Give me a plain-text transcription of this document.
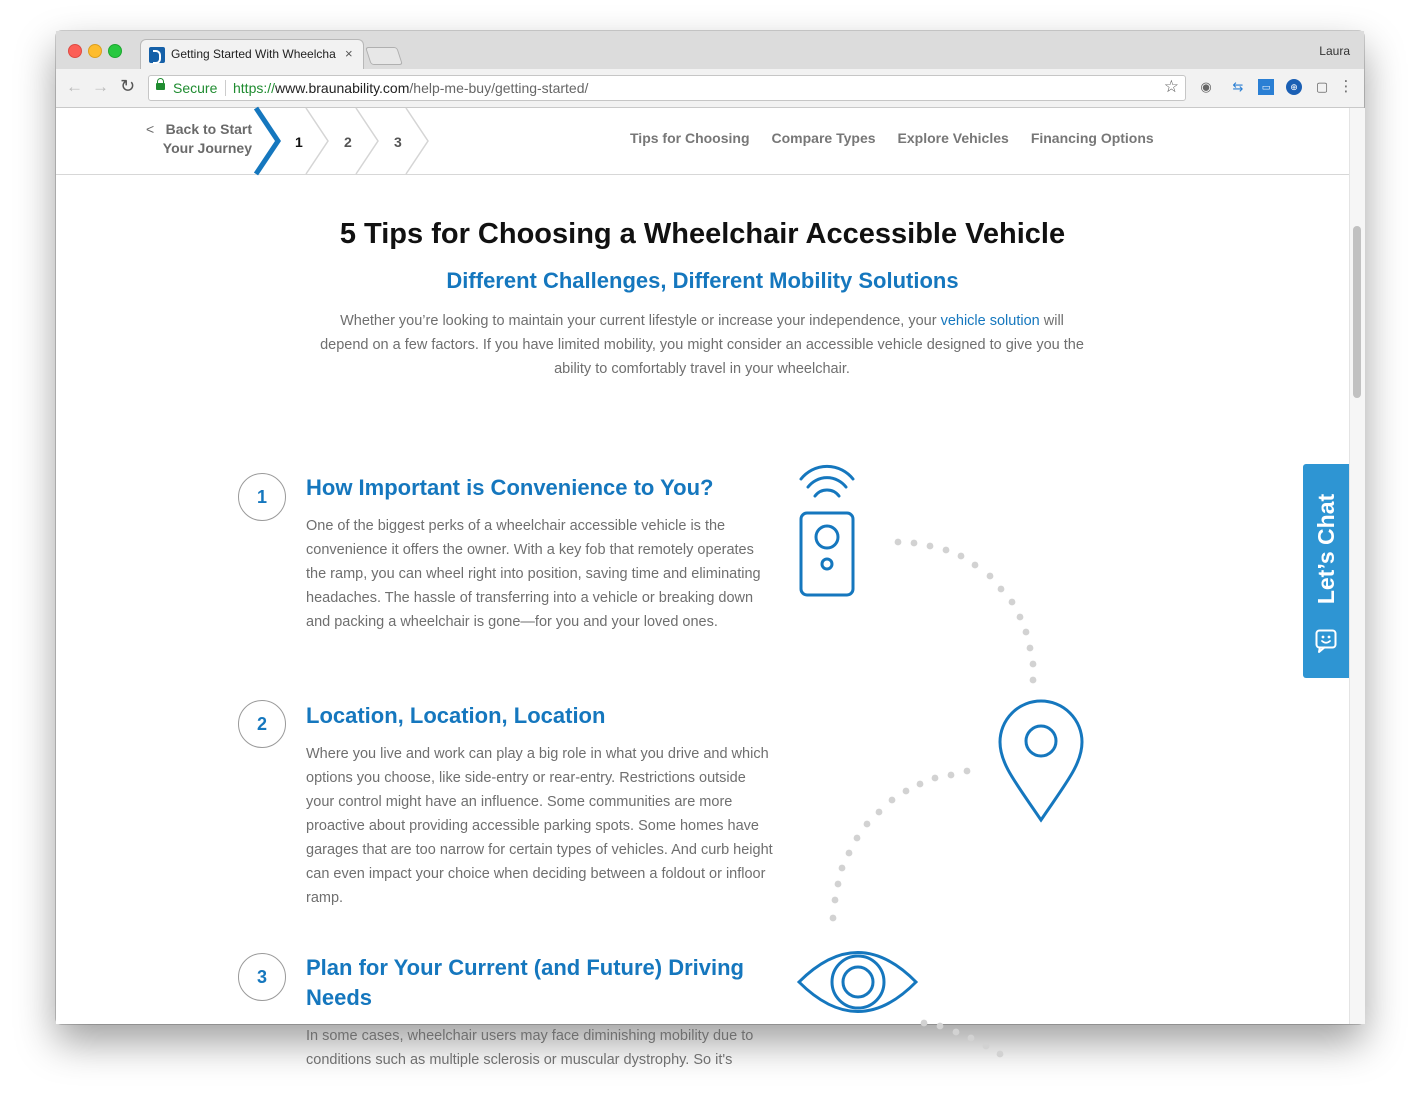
Getting Started With Wheelcha ×	Laura
← → ↻	Secure https://www.braunability.com/help-me-buy/getting-started/	☆ ◉ ⇆	▭	⊕	▢ ⋮
< Back to Start
Your Journey	1	2	3	Tips for Choosing Compare Types Explore Vehicles Financing Options
5 Tips for Choosing a Wheelchair Accessible Vehicle
Different Challenges, Different Mobility Solutions
Whether you’re looking to maintain your current lifestyle or increase your independence, your vehicle solution will depend on a few factors. If you have limited mobility, you might consider an accessible vehicle designed to give you the ability to comfortably travel in your wheelchair.
1	How Important is Convenience to You?
One of the biggest perks of a wheelchair accessible vehicle is the convenience it offers the owner. With a key fob that remotely operates the ramp, you can wheel right into position, saving time and eliminating headaches. The hassle of transferring into a vehicle or breaking down and packing a wheelchair is gone—for you and your loved ones.
2	Location, Location, Location
Where you live and work can play a big role in what you drive and which options you choose, like side-entry or rear-entry. Restrictions outside your control might have an influence. Some communities are more proactive about providing accessible parking spots. Some homes have garages that are too narrow for certain types of vehicles. And curb height can even impact your choice when deciding between a foldout or infloor ramp.
3	Plan for Your Current (and Future) Driving Needs
In some cases, wheelchair users may face diminishing mobility due to conditions such as multiple sclerosis or muscular dystrophy. So it's
Let’s Chat
